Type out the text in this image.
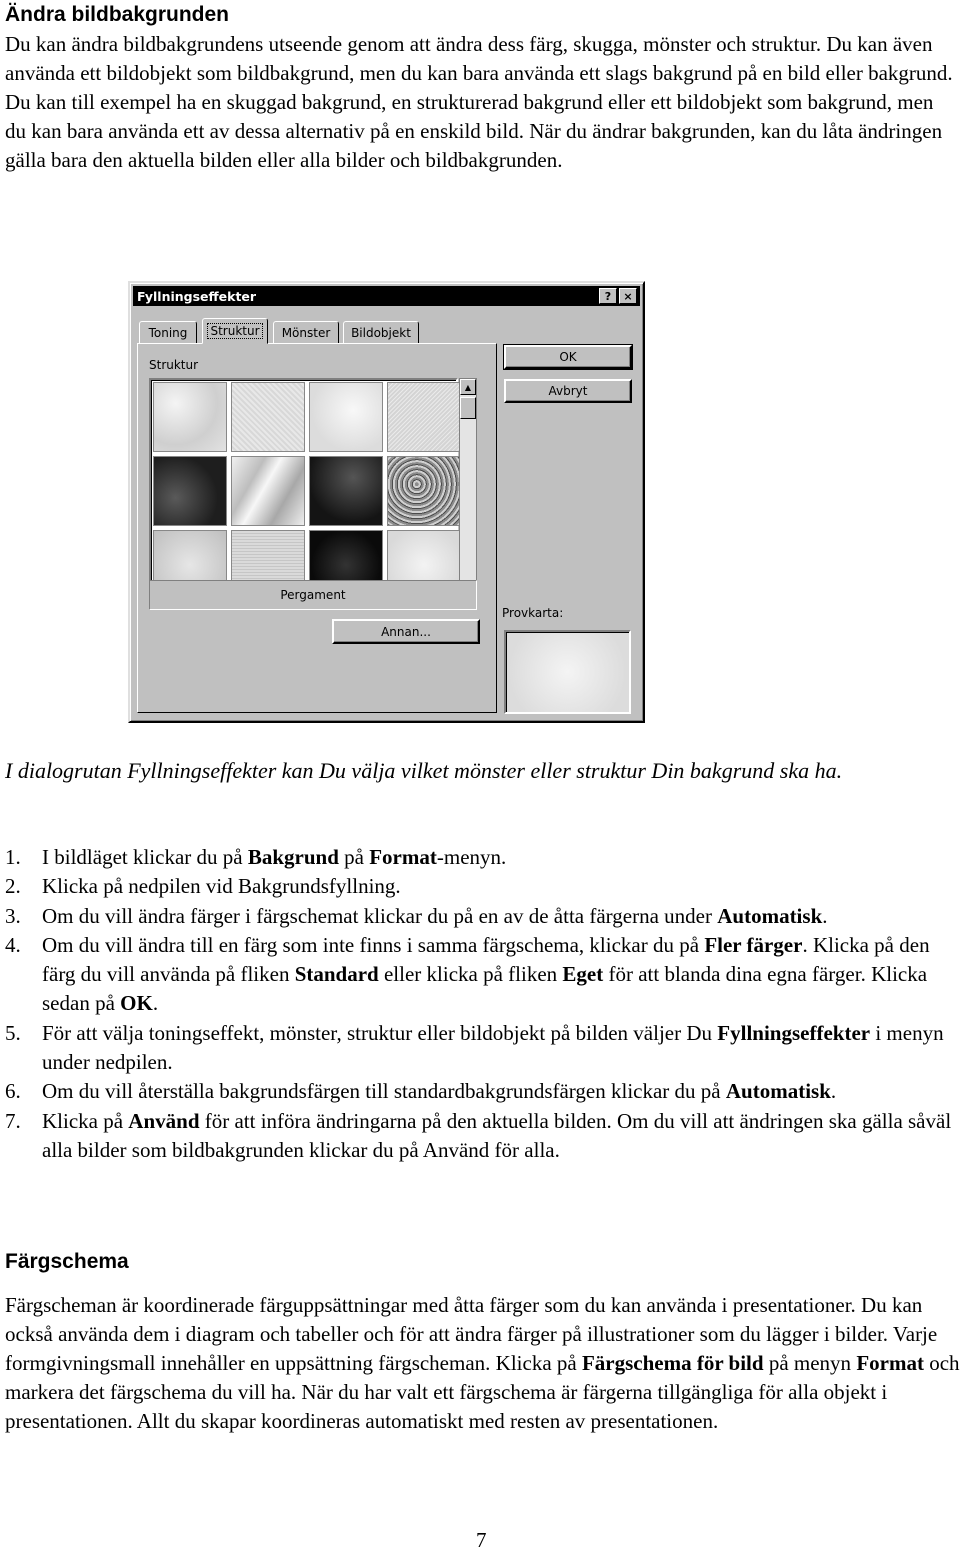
Ändra bildbakgrunden

Du kan ändra bildbakgrundens utseende genom att ändra dess färg, skugga, mönster och struktur. Du kan även använda ett bildobjekt som bildbakgrund, men du kan bara använda ett slags bakgrund på en bild eller bakgrund. Du kan till exempel ha en skuggad bakgrund, en strukturerad bakgrund eller ett bildobjekt som bakgrund, men du kan bara använda ett av dessa alternativ på en enskild bild. När du ändrar bakgrunden, kan du låta ändringen gälla bara den aktuella bilden eller alla bilder och bildbakgrunden.

Fyllningseffekter	?	×
Toning Struktur Mönster Bildobjekt
Struktur
▲
Pergament
Annan...
OK
Avbryt
Provkarta:
I dialogrutan Fyllningseffekter kan Du välja vilket mönster eller struktur Din bakgrund ska ha.
1. I bildläget klickar du på Bakgrund på Format-menyn.
2. Klicka på nedpilen vid Bakgrundsfyllning.
3. Om du vill ändra färger i färgschemat klickar du på en av de åtta färgerna under Automatisk.
4. Om du vill ändra till en färg som inte finns i samma färgschema, klickar du på Fler färger. Klicka på den färg du vill använda på fliken Standard eller klicka på fliken Eget för att blanda dina egna färger. Klicka sedan på OK.
5. För att välja toningseffekt, mönster, struktur eller bildobjekt på bilden väljer Du Fyllningseffekter i menyn under nedpilen.
6. Om du vill återställa bakgrundsfärgen till standardbakgrundsfärgen klickar du på Automatisk.
7. Klicka på Använd för att införa ändringarna på den aktuella bilden. Om du vill att ändringen ska gälla såväl alla bilder som bildbakgrunden klickar du på Använd för alla.
Färgschema

Färgscheman är koordinerade färguppsättningar med åtta färger som du kan använda i presentationer. Du kan också använda dem i diagram och tabeller och för att ändra färger på illustrationer som du lägger i bilder. Varje formgivningsmall innehåller en uppsättning färgscheman. Klicka på Färgschema för bild på menyn Format och markera det färgschema du vill ha. När du har valt ett färgschema är färgerna tillgängliga för alla objekt i presentationen. Allt du skapar koordineras automatiskt med resten av presentationen.

7
